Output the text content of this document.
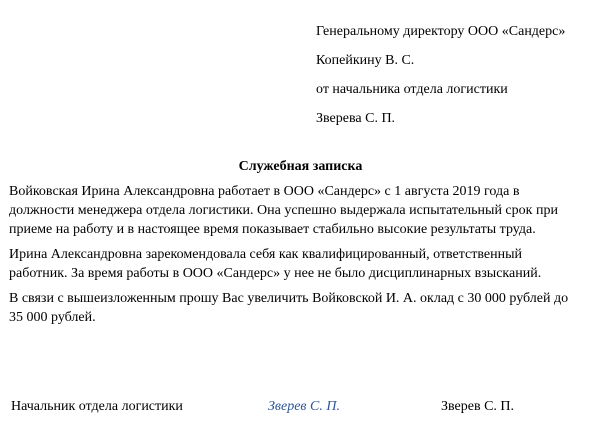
Генеральному директору ООО «Сандерс»
Копейкину В. С.
от начальника отдела логистики
Зверева С. П.
Служебная записка

Войковская Ирина Александровна работает в ООО «Сандерс» с 1 августа 2019 года в
должности менеджера отдела логистики. Она успешно выдержала испытательный срок при
приеме на работу и в настоящее время показывает стабильно высокие результаты труда.

Ирина Александровна зарекомендовала себя как квалифицированный, ответственный
работник. За время работы в ООО «Сандерс» у нее не было дисциплинарных взысканий.

В связи с вышеизложенным прошу Вас увеличить Войковской И. А. оклад с 30 000 рублей до
35 000 рублей.

Начальник отдела логистики	Зверев С. П.	Зверев С. П.
